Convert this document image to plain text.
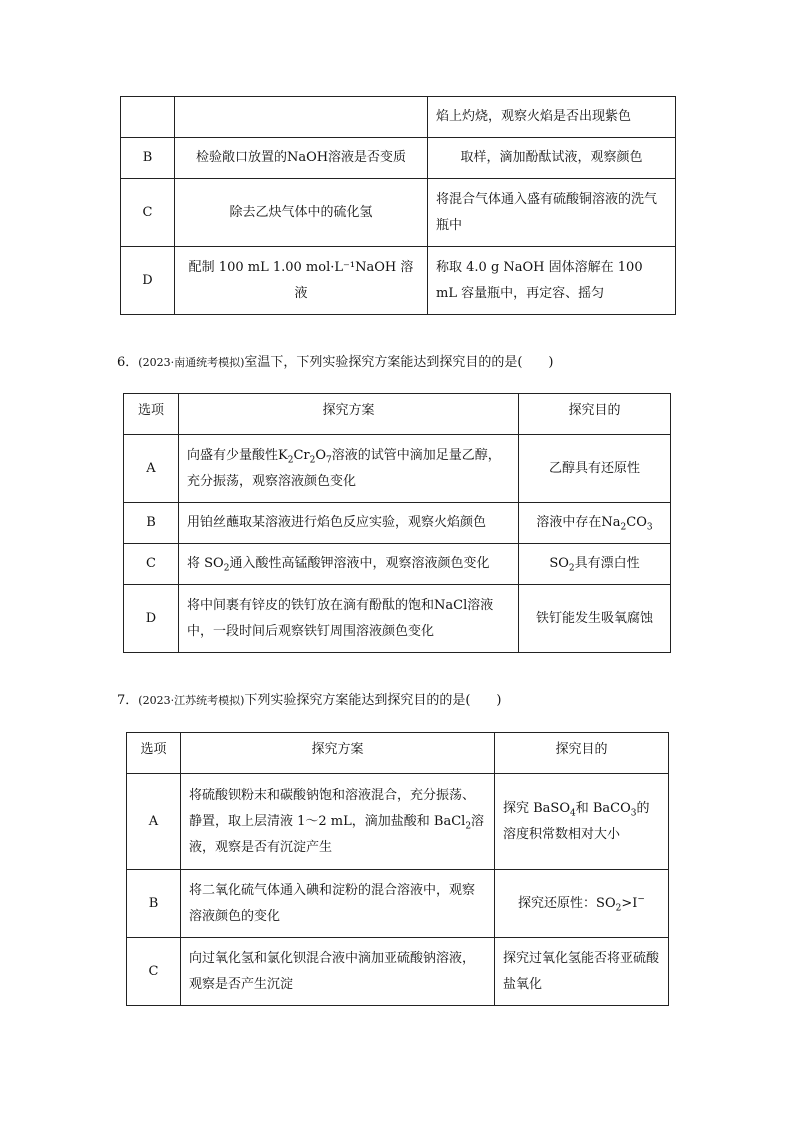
		焰上灼烧，观察火焰是否出现紫色
B	检验敞口放置的NaOH溶液是否变质	取样，滴加酚酞试液，观察颜色
C	除去乙炔气体中的硫化氢	将混合气体通入盛有硫酸铜溶液的洗气瓶中
D	配制 100 mL 1.00 mol·L⁻¹NaOH 溶液	称取 4.0 g NaOH 固体溶解在 100 mL 容量瓶中，再定容、摇匀
6．(2023·南通统考模拟)室温下，下列实验探究方案能达到探究目的的是(　　)
选项	探究方案	探究目的
A	向盛有少量酸性$K_2Cr_2O_7$溶液的试管中滴加足量乙醇，充分振荡，观察溶液颜色变化	乙醇具有还原性
B	用铂丝蘸取某溶液进行焰色反应实验，观察火焰颜色	溶液中存在$Na_2CO_3$
C	将 $SO_2$通入酸性高锰酸钾溶液中，观察溶液颜色变化	$SO_2$具有漂白性
D	将中间裹有锌皮的铁钉放在滴有酚酞的饱和NaCl溶液中，一段时间后观察铁钉周围溶液颜色变化	铁钉能发生吸氧腐蚀
7．(2023·江苏统考模拟)下列实验探究方案能达到探究目的的是(　　)
选项	探究方案	探究目的
A	将硫酸钡粉末和碳酸钠饱和溶液混合，充分振荡、静置，取上层清液 1～2 mL，滴加盐酸和 BaCl$_2$溶液，观察是否有沉淀产生	探究 BaSO$_4$和 BaCO$_3$的溶度积常数相对大小
B	将二氧化硫气体通入碘和淀粉的混合溶液中，观察溶液颜色的变化	探究还原性：$SO_2>I^-$
C	向过氧化氢和氯化钡混合液中滴加亚硫酸钠溶液，观察是否产生沉淀	探究过氧化氢能否将亚硫酸盐氧化
